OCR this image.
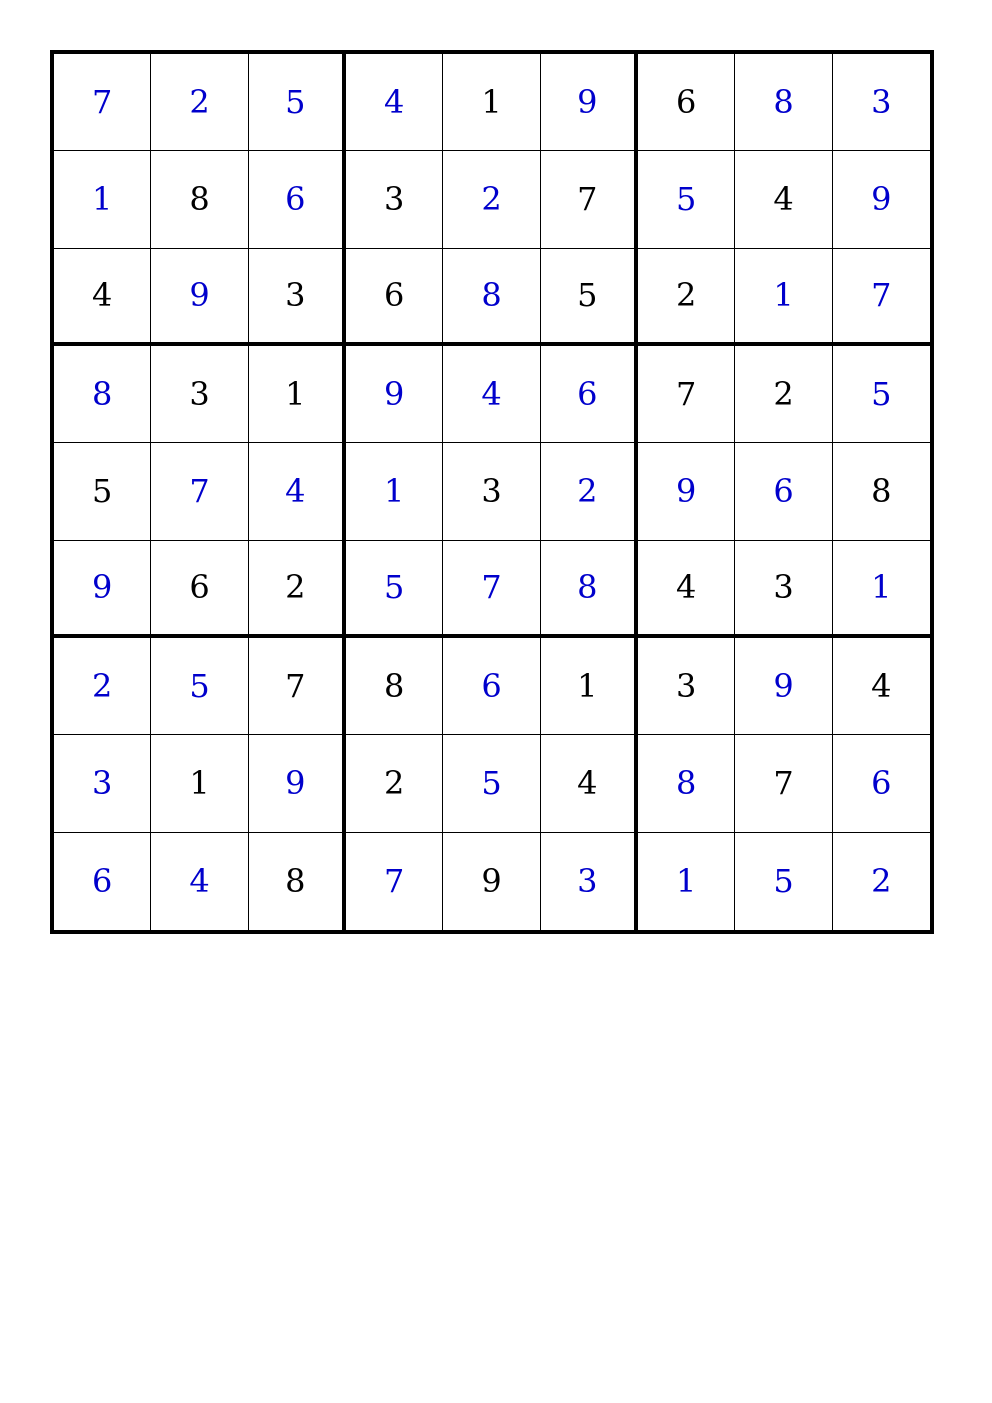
7	2	5	4	1	9	6	8	3
1	8	6	3	2	7	5	4	9
4	9	3	6	8	5	2	1	7
8	3	1	9	4	6	7	2	5
5	7	4	1	3	2	9	6	8
9	6	2	5	7	8	4	3	1
2	5	7	8	6	1	3	9	4
3	1	9	2	5	4	8	7	6
6	4	8	7	9	3	1	5	2
